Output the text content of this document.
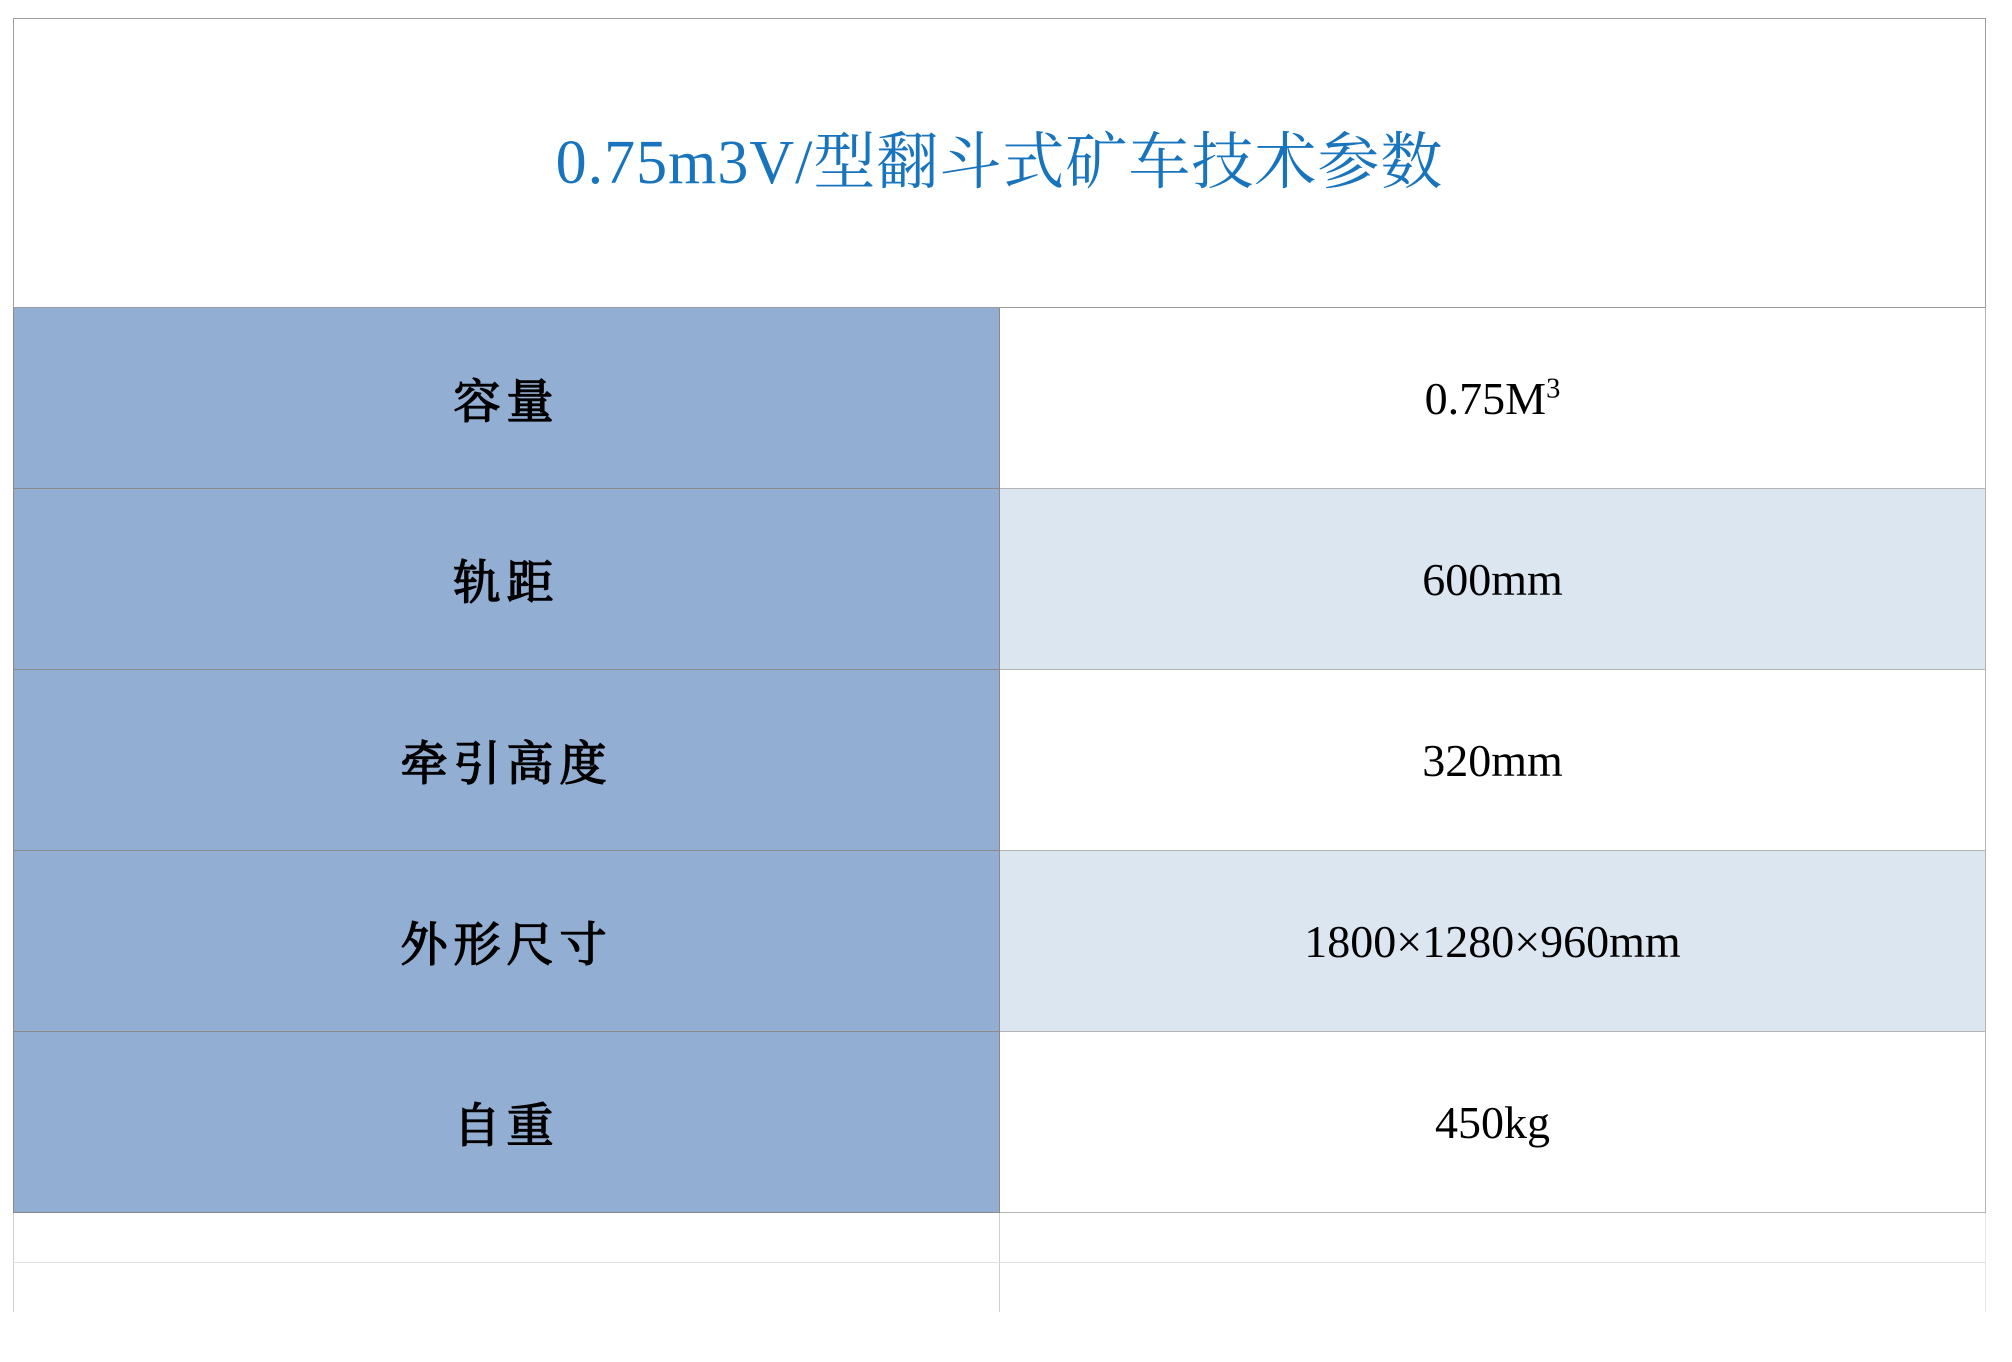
0.75m3V/型翻斗式矿车技术参数	
容量	$0.75M^3$
轨距	600mm
牵引高度	320mm
外形尺寸	1800×1280×960mm
自重	450kg
